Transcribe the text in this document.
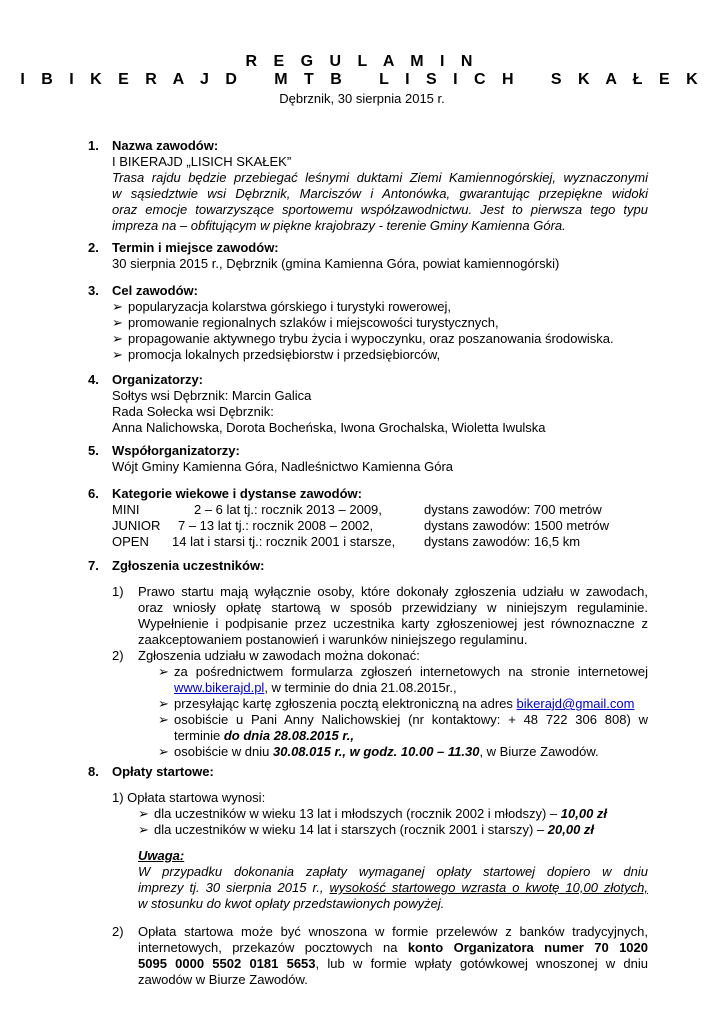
R E G U L A M I N
I B I K E R A J D   M T B   L I S I C H   S K A Ł E K
Dębrznik, 30 sierpnia 2015 r.
1.	Nazwa zawodów:
I BIKERAJD „LISICH SKAŁEK”
Trasa rajdu będzie przebiegać leśnymi duktami Ziemi Kamiennogórskiej, wyznaczonymi
w sąsiedztwie wsi Dębrznik, Marciszów i Antonówka, gwarantując przepiękne widoki
oraz emocje towarzyszące sportowemu współzawodnictwu. Jest to pierwsza tego typu
impreza na – obfitującym w piękne krajobrazy - terenie Gminy Kamienna Góra.
2.	Termin i miejsce zawodów:
30 sierpnia 2015 r., Dębrznik (gmina Kamienna Góra, powiat kamiennogórski)
3.	Cel zawodów:
➢ popularyzacja kolarstwa górskiego i turystyki rowerowej,
➢ promowanie regionalnych szlaków i miejscowości turystycznych,
➢ propagowanie aktywnego trybu życia i wypoczynku, oraz poszanowania środowiska.
➢ promocja lokalnych przedsiębiorstw i przedsiębiorców,
4.	Organizatorzy:
Sołtys wsi Dębrznik: Marcin Galica
Rada Sołecka wsi Dębrznik:
Anna Nalichowska, Dorota Bocheńska, Iwona Grochalska, Wioletta Iwulska
5.	Współorganizatorzy:
Wójt Gminy Kamienna Góra, Nadleśnictwo Kamienna Góra
6.	Kategorie wiekowe i dystanse zawodów:
MINI	2 – 6 lat tj.: rocznik 2013 – 2009,	dystans zawodów: 700 metrów
JUNIOR	7 – 13 lat tj.: rocznik 2008 – 2002,	dystans zawodów: 1500 metrów
OPEN	14 lat i starsi tj.: rocznik 2001 i starsze,	dystans zawodów: 16,5 km
7.	Zgłoszenia uczestników:
1)	Prawo startu mają wyłącznie osoby, które dokonały zgłoszenia udziału w zawodach,
oraz wniosły opłatę startową w sposób przewidziany w niniejszym regulaminie.
Wypełnienie i podpisanie przez uczestnika karty zgłoszeniowej jest równoznaczne z
zaakceptowaniem postanowień i warunków niniejszego regulaminu.
2)	Zgłoszenia udziału w zawodach można dokonać:
➢ za pośrednictwem formularza zgłoszeń internetowych na stronie internetowej
www.bikerajd.pl, w terminie do dnia 21.08.2015r.,
➢ przesyłając kartę zgłoszenia pocztą elektroniczną na adres bikerajd@gmail.com
➢ osobiście u Pani Anny Nalichowskiej (nr kontaktowy: + 48 722 306 808) w
terminie do dnia 28.08.2015 r.,
➢ osobiście w dniu 30.08.015 r., w godz. 10.00 – 11.30, w Biurze Zawodów.
8.	Opłaty startowe:
1) Opłata startowa wynosi:
➢ dla uczestników w wieku 13 lat i młodszych (rocznik 2002 i młodszy) – 10,00 zł
➢ dla uczestników w wieku 14 lat i starszych (rocznik 2001 i starszy) – 20,00 zł
Uwaga:
W przypadku dokonania zapłaty wymaganej opłaty startowej dopiero w dniu
imprezy tj. 30 sierpnia 2015 r., wysokość startowego wzrasta o kwotę 10,00 złotych,
w stosunku do kwot opłaty przedstawionych powyżej.
2)	Opłata startowa może być wnoszona w formie przelewów z banków tradycyjnych,
internetowych, przekazów pocztowych na konto Organizatora numer 70 1020
5095 0000 5502 0181 5653, lub w formie wpłaty gotówkowej wnoszonej w dniu
zawodów w Biurze Zawodów.
